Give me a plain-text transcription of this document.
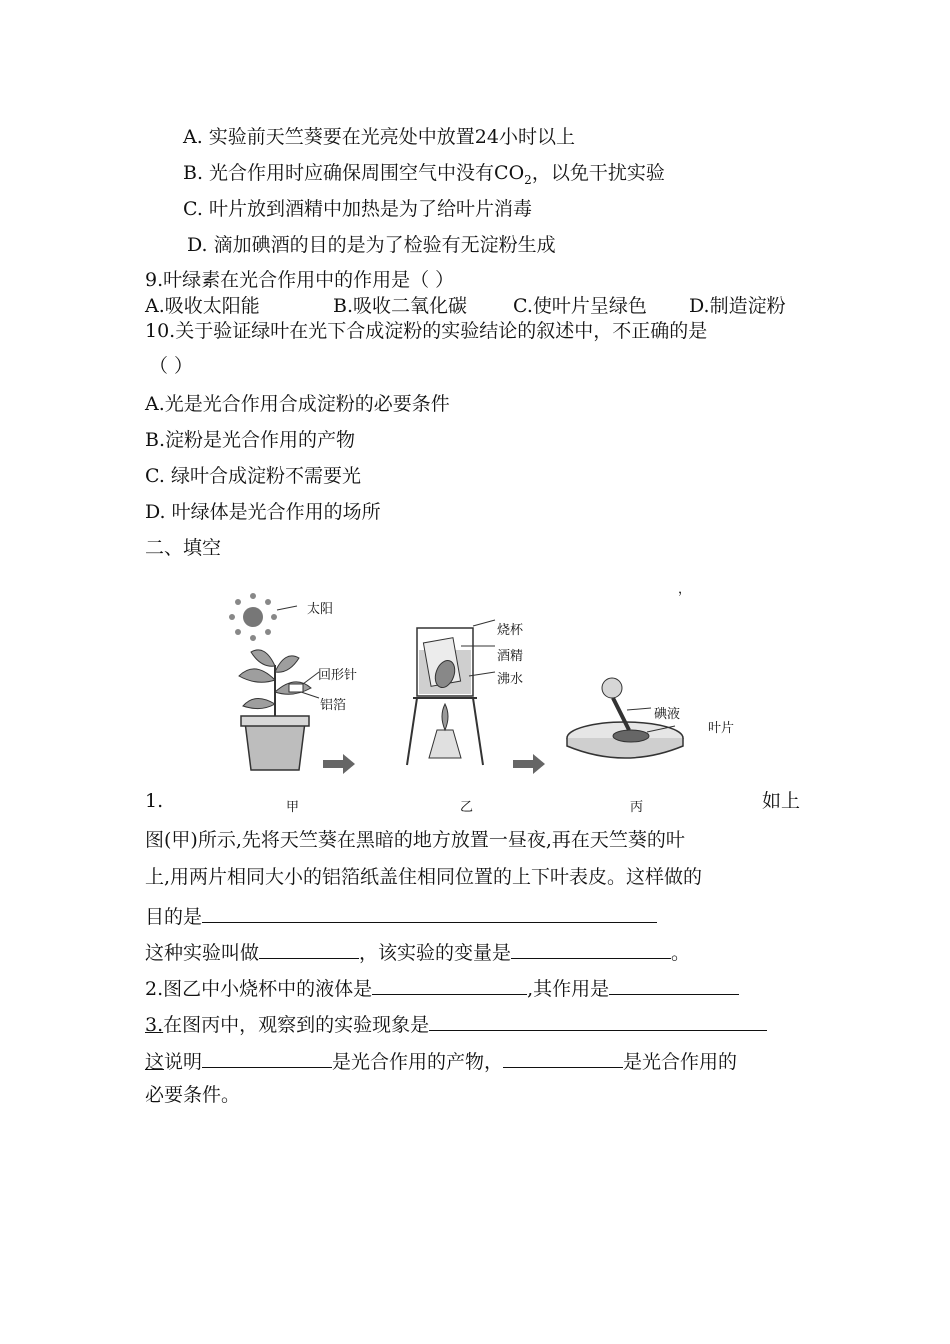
A. 实验前天竺葵要在光亮处中放置24小时以上
B. 光合作用时应确保周围空气中没有$CO_2$，以免干扰实验
C. 叶片放到酒精中加热是为了给叶片消毒
D. 滴加碘酒的目的是为了检验有无淀粉生成
9.叶绿素在光合作用中的作用是（ ）
A.吸收太阳能	B.吸收二氧化碳 C.使叶片呈绿色 D.制造淀粉
10.关于验证绿叶在光下合成淀粉的实验结论的叙述中，不正确的是
（ ）
A.光是光合作用合成淀粉的必要条件
B.淀粉是光合作用的产物
C. 绿叶合成淀粉不需要光
D. 叶绿体是光合作用的场所
二、填空
太阳
回形针
铝箔
烧杯
酒精
沸水
碘液
叶片
，
甲	乙	丙
1.	如上
图(甲)所示,先将天竺葵在黑暗的地方放置一昼夜,再在天竺葵的叶
上,用两片相同大小的铝箔纸盖住相同位置的上下叶表皮。这样做的
目的是
这种实验叫做	，该实验的变量是	。
2.图乙中小烧杯中的液体是	,其作用是
3.在图丙中，观察到的实验现象是
这说明	是光合作用的产物，	是光合作用的
必要条件。
